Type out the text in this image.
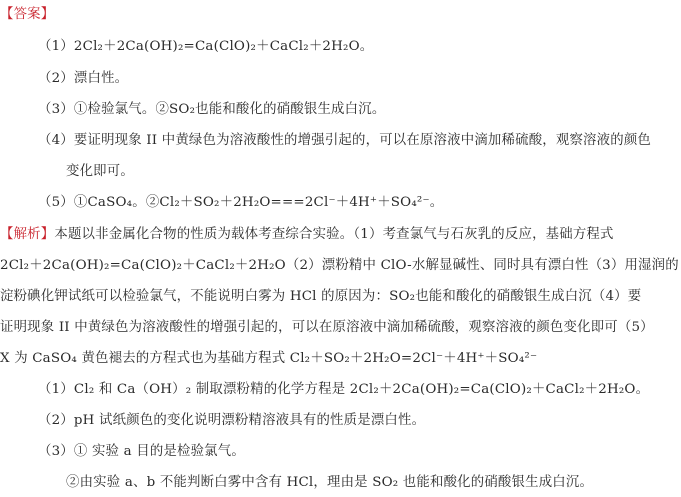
【答案】
（1）2Cl₂＋2Ca(OH)₂=Ca(ClO)₂＋CaCl₂＋2H₂O。
（2）漂白性。
（3）①检验氯气。②SO₂也能和酸化的硝酸银生成白沉。
（4）要证明现象 II 中黄绿色为溶液酸性的增强引起的，可以在原溶液中滴加稀硫酸，观察溶液的颜色
变化即可。
（5）①CaSO₄。②Cl₂＋SO₂＋2H₂O===2Cl⁻＋4H⁺＋SO₄²⁻。
【解析】本题以非金属化合物的性质为载体考查综合实验。（1）考查氯气与石灰乳的反应，基础方程式
2Cl₂＋2Ca(OH)₂=Ca(ClO)₂＋CaCl₂＋2H₂O（2）漂粉精中 ClO-水解显碱性、同时具有漂白性（3）用湿润的
淀粉碘化钾试纸可以检验氯气，不能说明白雾为 HCl 的原因为：SO₂也能和酸化的硝酸银生成白沉（4）要
证明现象 II 中黄绿色为溶液酸性的增强引起的，可以在原溶液中滴加稀硫酸，观察溶液的颜色变化即可（5）
X 为 CaSO₄ 黄色褪去的方程式也为基础方程式 Cl₂＋SO₂＋2H₂O=2Cl⁻＋4H⁺＋SO₄²⁻
（1）Cl₂ 和 Ca（OH）₂ 制取漂粉精的化学方程是 2Cl₂＋2Ca(OH)₂=Ca(ClO)₂＋CaCl₂＋2H₂O。
（2）pH 试纸颜色的变化说明漂粉精溶液具有的性质是漂白性。
（3）① 实验 a 目的是检验氯气。
②由实验 a、b 不能判断白雾中含有 HCl，理由是 SO₂ 也能和酸化的硝酸银生成白沉。
